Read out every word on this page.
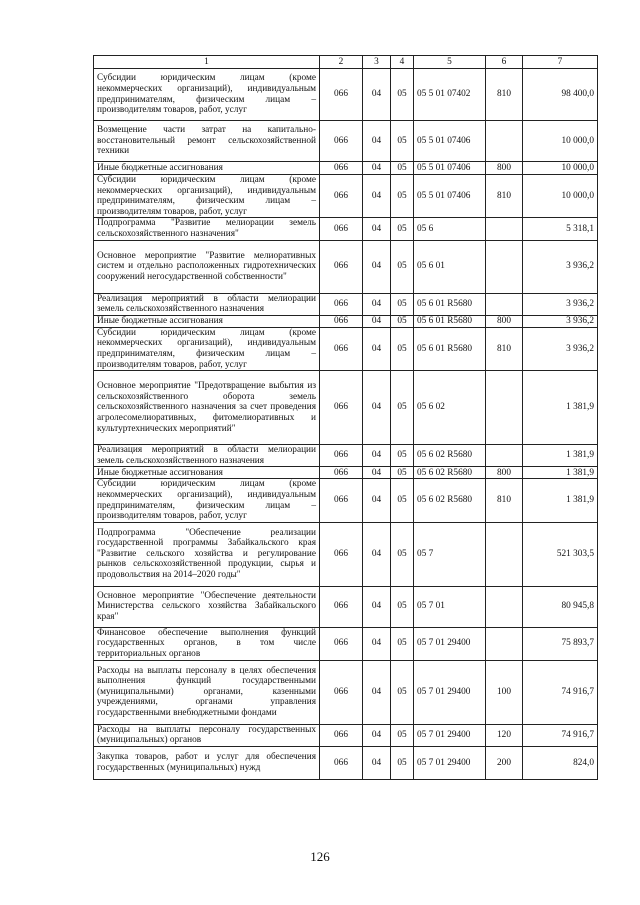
1	2	3	4	5	6	7
Субсидии юридическим лицам (кроме некоммерческих организаций), индивидуальным предпринимателям, физическим лицам – производителям товаров, работ, услуг	066	04	05	05 5 01 07402	810	98 400,0
Возмещение части затрат на капитально-восстановительный ремонт сельскохозяйственной техники	066	04	05	05 5 01 07406		10 000,0
Иные бюджетные ассигнования	066	04	05	05 5 01 07406	800	10 000,0
Субсидии юридическим лицам (кроме некоммерческих организаций), индивидуальным предпринимателям, физическим лицам – производителям товаров, работ, услуг	066	04	05	05 5 01 07406	810	10 000,0
Подпрограмма "Развитие мелиорации земель сельскохозяйственного назначения"	066	04	05	05 6		5 318,1
Основное мероприятие "Развитие мелиоративных систем и отдельно расположенных гидротехнических сооружений негосударственной собственности"	066	04	05	05 6 01		3 936,2
Реализация мероприятий в области мелиорации земель сельскохозяйственного назначения	066	04	05	05 6 01 R5680		3 936,2
Иные бюджетные ассигнования	066	04	05	05 6 01 R5680	800	3 936,2
Субсидии юридическим лицам (кроме некоммерческих организаций), индивидуальным предпринимателям, физическим лицам – производителям товаров, работ, услуг	066	04	05	05 6 01 R5680	810	3 936,2
Основное мероприятие "Предотвращение выбытия из сельскохозяйственного оборота земель сельскохозяйственного назначения за счет проведения агролесомелиоративных, фитомелиоративных и культуртехнических мероприятий"	066	04	05	05 6 02		1 381,9
Реализация мероприятий в области мелиорации земель сельскохозяйственного назначения	066	04	05	05 6 02 R5680		1 381,9
Иные бюджетные ассигнования	066	04	05	05 6 02 R5680	800	1 381,9
Субсидии юридическим лицам (кроме некоммерческих организаций), индивидуальным предпринимателям, физическим лицам – производителям товаров, работ, услуг	066	04	05	05 6 02 R5680	810	1 381,9
Подпрограмма "Обеспечение реализации государственной программы Забайкальского края "Развитие сельского хозяйства и регулирование рынков сельскохозяйственной продукции, сырья и продовольствия на 2014–2020 годы"	066	04	05	05 7		521 303,5
Основное мероприятие "Обеспечение деятельности Министерства сельского хозяйства Забайкальского края"	066	04	05	05 7 01		80 945,8
Финансовое обеспечение выполнения функций государственных органов, в том числе территориальных органов	066	04	05	05 7 01 29400		75 893,7
Расходы на выплаты персоналу в целях обеспечения выполнения функций государственными (муниципальными) органами, казенными учреждениями, органами управления государственными внебюджетными фондами	066	04	05	05 7 01 29400	100	74 916,7
Расходы на выплаты персоналу государственных (муниципальных) органов	066	04	05	05 7 01 29400	120	74 916,7
Закупка товаров, работ и услуг для обеспечения государственных (муниципальных) нужд	066	04	05	05 7 01 29400	200	824,0
126
